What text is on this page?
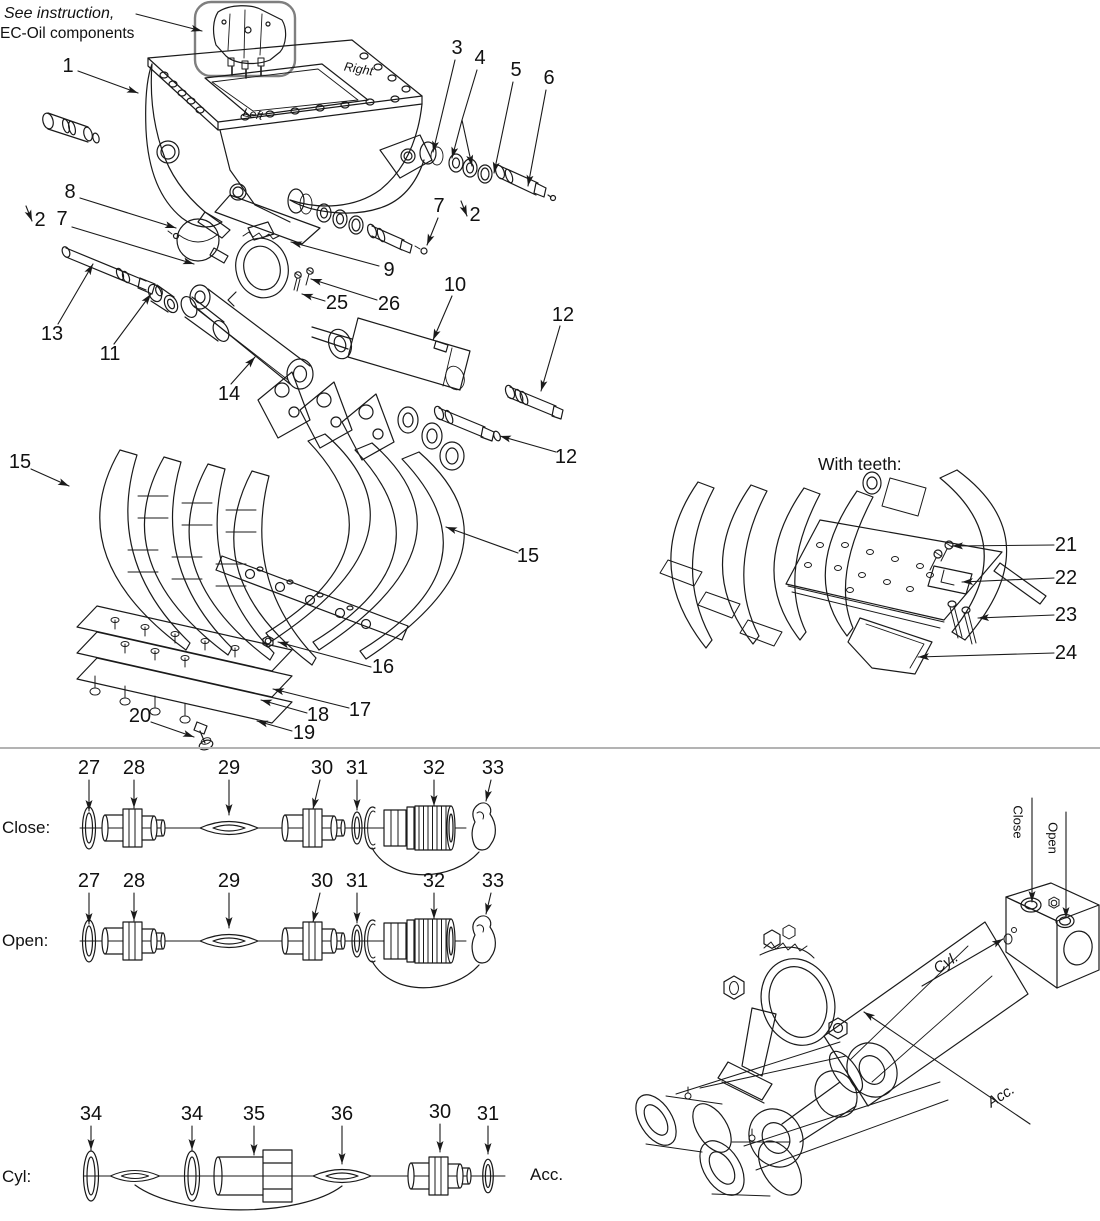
See instruction,
EC-Oil components
Right
Left
With teeth:
Close:
Open:
Cyl:	Acc.
Close Open
Cyl.
Acc.
1
3 4
5 6
7 2
8
2 7
13
11
14
25 26
9
10
12
12
15
15
16
17
18
19
20
21
22
23
24
27 28	29	30 31	32 33
27 28	29	30 31	32 33
34	34 35	36	30 31
